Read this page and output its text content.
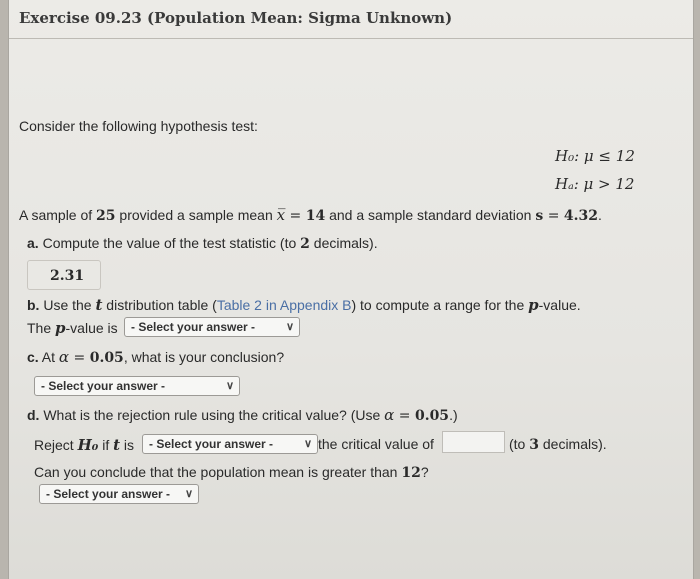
Exercise 09.23 (Population Mean: Sigma Unknown)
Consider the following hypothesis test:
H₀: μ ≤ 12
Hₐ: μ > 12
A sample of 25 provided a sample mean x̅ = 14 and a sample standard deviation s = 4.32.
a. Compute the value of the test statistic (to 2 decimals).
2.31
b. Use the t distribution table (Table 2 in Appendix B) to compute a range for the p-value.
The p-value is	- Select your answer -	∨
c. At α = 0.05, what is your conclusion?
- Select your answer -	∨
d. What is the rejection rule using the critical value? (Use α = 0.05.)
Reject H₀ if t is	- Select your answer -	∨ the critical value of	(to 3 decimals).
Can you conclude that the population mean is greater than 12?
- Select your answer - ∨
